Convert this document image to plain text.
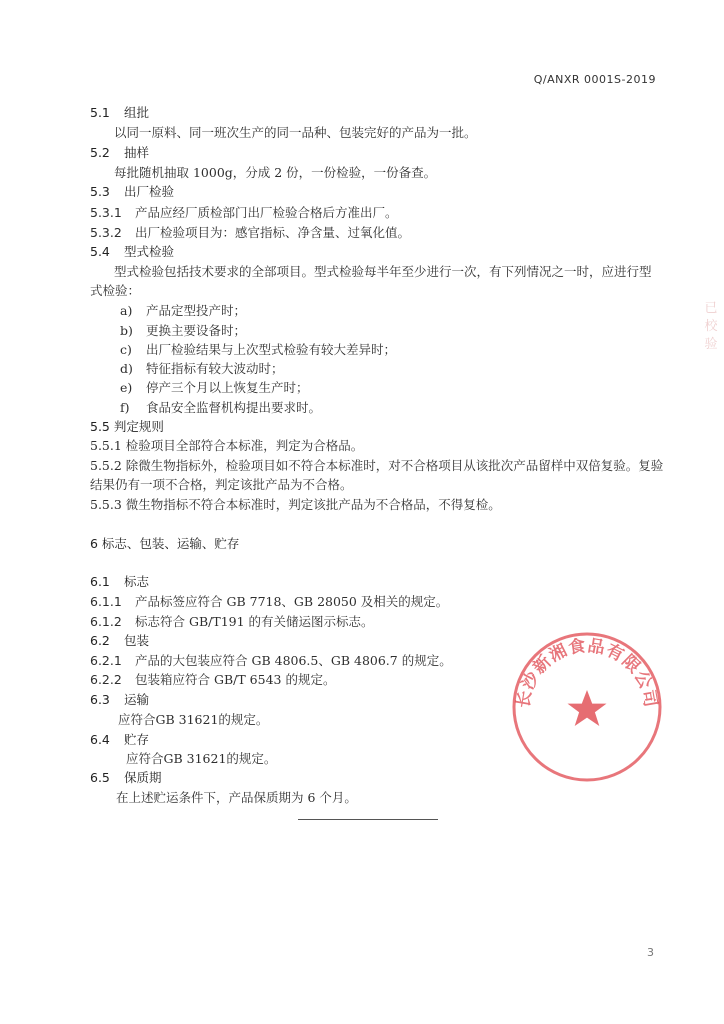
Q/ANXR 0001S-2019
5.1 组批
以同一原料、同一班次生产的同一品种、包装完好的产品为一批。
5.2 抽样
每批随机抽取 1000g，分成 2 份，一份检验，一份备查。
5.3 出厂检验
5.3.1 产品应经厂质检部门出厂检验合格后方准出厂。
5.3.2 出厂检验项目为：感官指标、净含量、过氧化值。
5.4 型式检验
型式检验包括技术要求的全部项目。型式检验每半年至少进行一次，有下列情况之一时，应进行型
式检验：
a) 产品定型投产时；
b) 更换主要设备时；
c) 出厂检验结果与上次型式检验有较大差异时；
d) 特征指标有较大波动时；
e) 停产三个月以上恢复生产时；
f) 食品安全监督机构提出要求时。
5.5 判定规则
5.5.1 检验项目全部符合本标准，判定为合格品。
5.5.2 除微生物指标外，检验项目如不符合本标准时，对不合格项目从该批次产品留样中双倍复验。复验
结果仍有一项不合格，判定该批产品为不合格。
5.5.3 微生物指标不符合本标准时，判定该批产品为不合格品，不得复检。
6 标志、包装、运输、贮存
6.1 标志
6.1.1 产品标签应符合 GB 7718、GB 28050 及相关的规定。
6.1.2 标志符合 GB/T191 的有关储运图示标志。
6.2 包装
6.2.1 产品的大包装应符合 GB 4806.5、GB 4806.7 的规定。
6.2.2 包装箱应符合 GB/T 6543 的规定。
6.3 运输
应符合GB 31621的规定。
6.4 贮存
应符合GB 31621的规定。
6.5 保质期
在上述贮运条件下，产品保质期为 6 个月。
3
已校验
长沙新湘食品有限公司
